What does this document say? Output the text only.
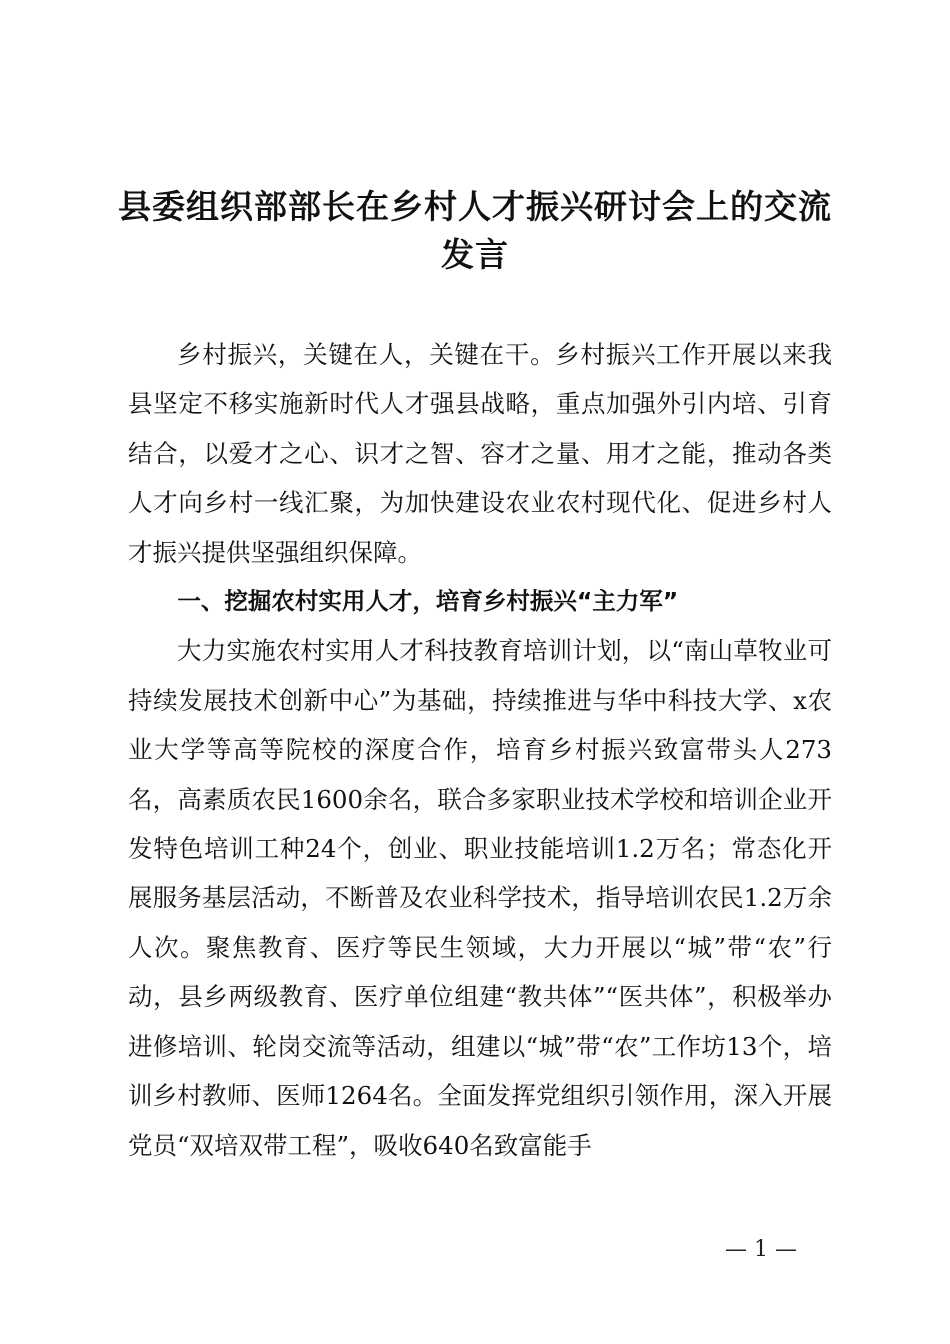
县委组织部部长在乡村人才振兴研讨会上的交流发言

乡村振兴，关键在人，关键在干。乡村振兴工作开展以来我县坚定不移实施新时代人才强县战略，重点加强外引内培、引育结合，以爱才之心、识才之智、容才之量、用才之能，推动各类人才向乡村一线汇聚，为加快建设农业农村现代化、促进乡村人才振兴提供坚强组织保障。

一、挖掘农村实用人才，培育乡村振兴“主力军”

大力实施农村实用人才科技教育培训计划，以“南山草牧业可持续发展技术创新中心”为基础，持续推进与华中科技大学、x农业大学等高等院校的深度合作，培育乡村振兴致富带头人273名，高素质农民1600余名，联合多家职业技术学校和培训企业开发特色培训工种24个，创业、职业技能培训1.2万名；常态化开展服务基层活动，不断普及农业科学技术，指导培训农民1.2万余人次。聚焦教育、医疗等民生领域，大力开展以“城”带“农”行动，县乡两级教育、医疗单位组建“教共体”“医共体”，积极举办进修培训、轮岗交流等活动，组建以“城”带“农”工作坊13个，培训乡村教师、医师1264名。全面发挥党组织引领作用，深入开展党员“双培双带工程”，吸收640名致富能手

— 1 —
